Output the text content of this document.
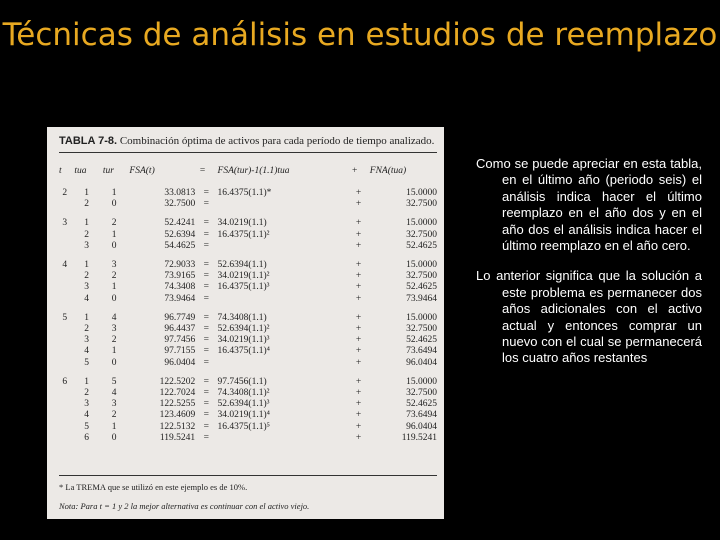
Técnicas de análisis en estudios de reemplazo
TABLA 7-8. Combinación óptima de activos para cada período de tiempo analizado.
t	tua	tur	FSA(t)	=	FSA(tur)-1(1.1)tua	+	FNA(tua)

2	1	1	33.0813	=	16.4375(1.1)*	+	15.0000
	2	0	32.7500	=		+	32.7500

3	1	2	52.4241	=	34.0219(1.1)	+	15.0000
	2	1	52.6394	=	16.4375(1.1)²	+	32.7500
	3	0	54.4625	=		+	52.4625

4	1	3	72.9033	=	52.6394(1.1)	+	15.0000
	2	2	73.9165	=	34.0219(1.1)²	+	32.7500
	3	1	74.3408	=	16.4375(1.1)³	+	52.4625
	4	0	73.9464	=		+	73.9464

5	1	4	96.7749	=	74.3408(1.1)	+	15.0000
	2	3	96.4437	=	52.6394(1.1)²	+	32.7500
	3	2	97.7456	=	34.0219(1.1)³	+	52.4625
	4	1	97.7155	=	16.4375(1.1)⁴	+	73.6494
	5	0	96.0404	=		+	96.0404

6	1	5	122.5202	=	97.7456(1.1)	+	15.0000
	2	4	122.7024	=	74.3408(1.1)²	+	32.7500
	3	3	122.5255	=	52.6394(1.1)³	+	52.4625
	4	2	123.4609	=	34.0219(1.1)⁴	+	73.6494
	5	1	122.5132	=	16.4375(1.1)⁵	+	96.0404
	6	0	119.5241	=		+	119.5241
* La TREMA que se utilizó en este ejemplo es de 10%.
Nota: Para t = 1 y 2 la mejor alternativa es continuar con el activo viejo.

Como se puede apreciar en esta tabla, en el último año (periodo seis) el análisis indica hacer el último reemplazo en el año dos y en el año dos el análisis indica hacer el último reemplazo en el año cero.

Lo anterior significa que la solución a este problema es permanecer dos años adicionales con el activo actual y entonces comprar un nuevo con el cual se permanecerá los cuatro años restantes
